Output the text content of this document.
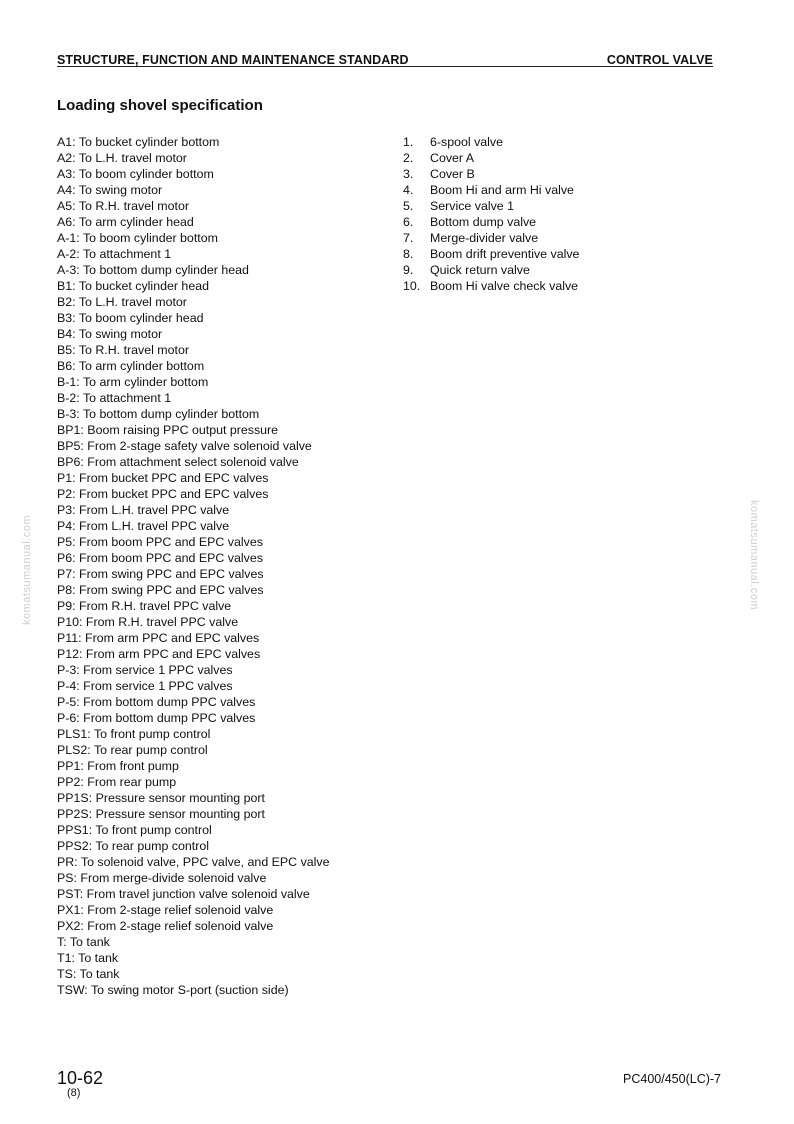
STRUCTURE, FUNCTION AND MAINTENANCE STANDARD	CONTROL VALVE
Loading shovel specification
A1: To bucket cylinder bottom
A2: To L.H. travel motor
A3: To boom cylinder bottom
A4: To swing motor
A5: To R.H. travel motor
A6: To arm cylinder head
A-1: To boom cylinder bottom
A-2: To attachment 1
A-3: To bottom dump cylinder head
B1: To bucket cylinder head
B2: To L.H. travel motor
B3: To boom cylinder head
B4: To swing motor
B5: To R.H. travel motor
B6: To arm cylinder bottom
B-1: To arm cylinder bottom
B-2: To attachment 1
B-3: To bottom dump cylinder bottom
BP1: Boom raising PPC output pressure
BP5: From 2-stage safety valve solenoid valve
BP6: From attachment select solenoid valve
P1: From bucket PPC and EPC valves
P2: From bucket PPC and EPC valves
P3: From L.H. travel PPC valve
P4: From L.H. travel PPC valve
P5: From boom PPC and EPC valves
P6: From boom PPC and EPC valves
P7: From swing PPC and EPC valves
P8: From swing PPC and EPC valves
P9: From R.H. travel PPC valve
P10: From R.H. travel PPC valve
P11: From arm PPC and EPC valves
P12: From arm PPC and EPC valves
P-3: From service 1 PPC valves
P-4: From service 1 PPC valves
P-5: From bottom dump PPC valves
P-6: From bottom dump PPC valves
PLS1: To front pump control
PLS2: To rear pump control
PP1: From front pump
PP2: From rear pump
PP1S: Pressure sensor mounting port
PP2S: Pressure sensor mounting port
PPS1: To front pump control
PPS2: To rear pump control
PR: To solenoid valve, PPC valve, and EPC valve
PS: From merge-divide solenoid valve
PST: From travel junction valve solenoid valve
PX1: From 2-stage relief solenoid valve
PX2: From 2-stage relief solenoid valve
T: To tank
T1: To tank
TS: To tank
TSW: To swing motor S-port (suction side)
1.	6-spool valve
2.	Cover A
3.	Cover B
4.	Boom Hi and arm Hi valve
5.	Service valve 1
6.	Bottom dump valve
7.	Merge-divider valve
8.	Boom drift preventive valve
9.	Quick return valve
10. Boom Hi valve check valve
komatsumanual.com	komatsumanual.com
10-62
(8)
PC400/450(LC)-7
